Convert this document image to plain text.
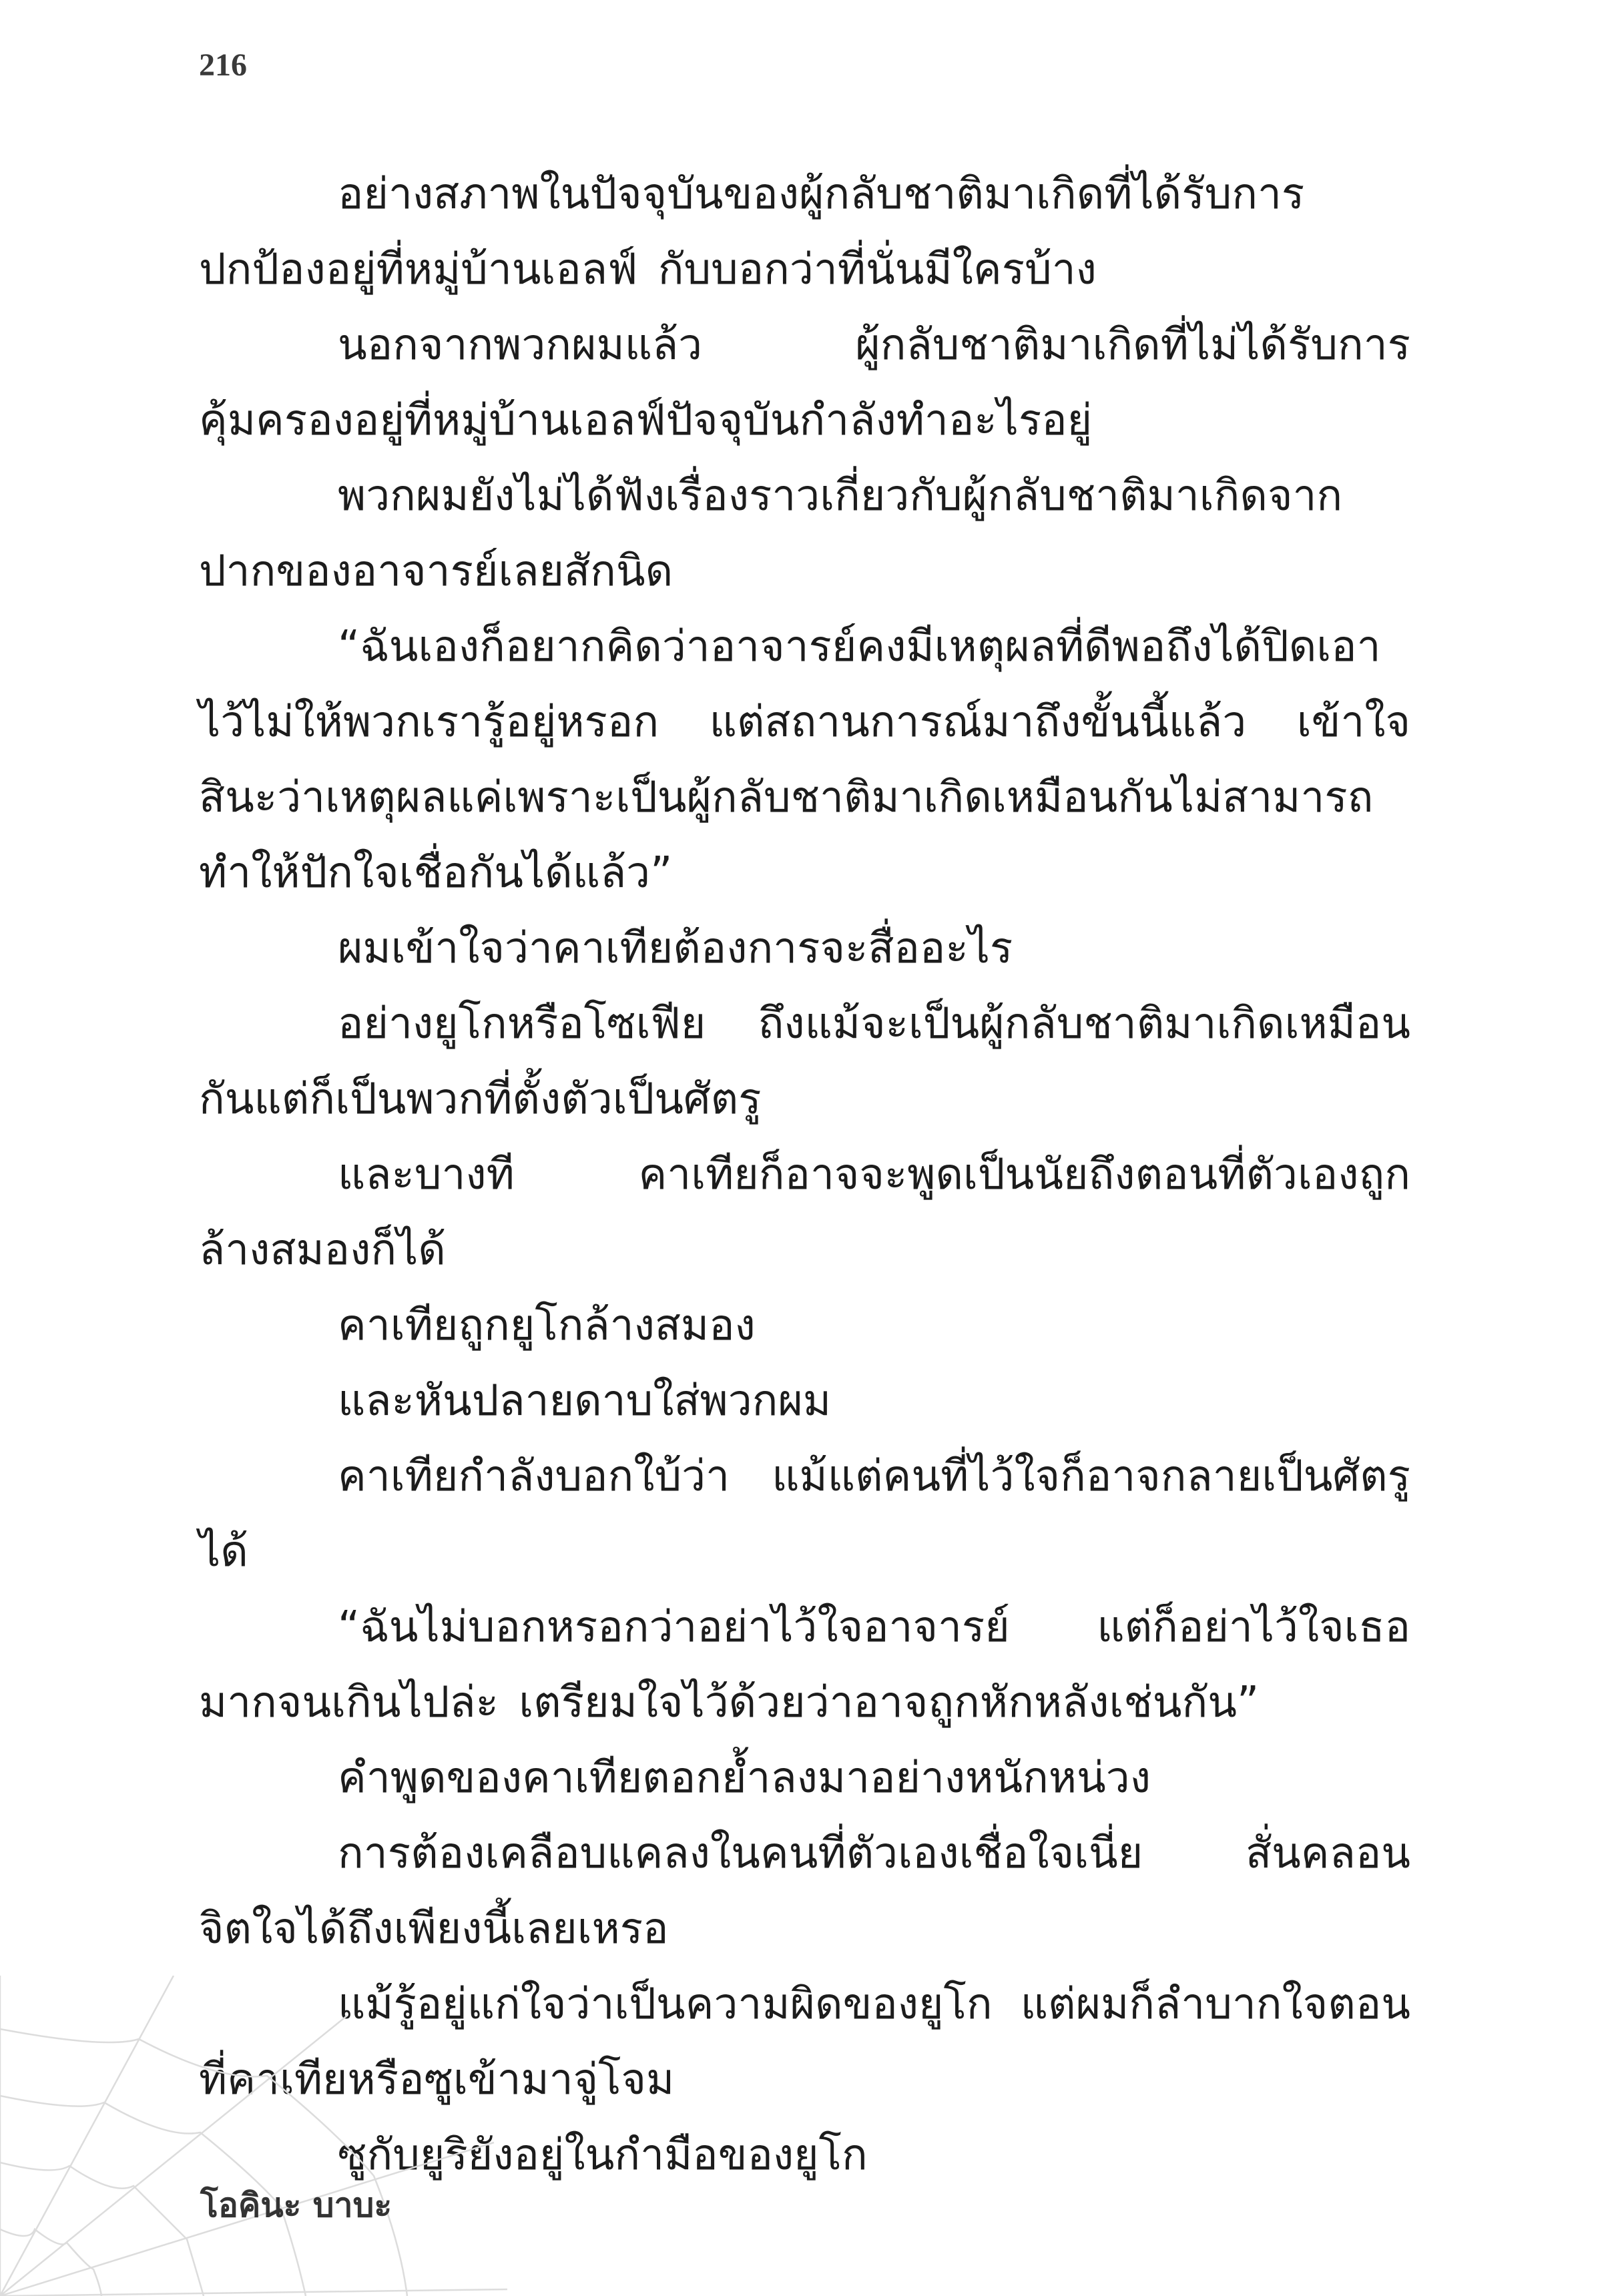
216

อย่างสภาพในปัจจุบันของผู้กลับชาติมาเกิดที่ได้รับการปกป้องอยู่ที่หมู่บ้านเอลฟ์ กับบอกว่าที่นั่นมีใครบ้าง

นอกจากพวกผมแล้ว ผู้กลับชาติมาเกิดที่ไม่ได้รับการคุ้มครองอยู่ที่หมู่บ้านเอลฟ์ปัจจุบันกำลังทำอะไรอยู่

พวกผมยังไม่ได้ฟังเรื่องราวเกี่ยวกับผู้กลับชาติมาเกิดจากปากของอาจารย์เลยสักนิด

“ฉันเองก็อยากคิดว่าอาจารย์คงมีเหตุผลที่ดีพอถึงได้ปิดเอาไว้ไม่ให้พวกเรารู้อยู่หรอก แต่สถานการณ์มาถึงขั้นนี้แล้ว เข้าใจสินะว่าเหตุผลแค่เพราะเป็นผู้กลับชาติมาเกิดเหมือนกันไม่สามารถทำให้ปักใจเชื่อกันได้แล้ว”

ผมเข้าใจว่าคาเทียต้องการจะสื่ออะไร

อย่างยูโกหรือโซเฟีย ถึงแม้จะเป็นผู้กลับชาติมาเกิดเหมือนกันแต่ก็เป็นพวกที่ตั้งตัวเป็นศัตรู

และบางที คาเทียก็อาจจะพูดเป็นนัยถึงตอนที่ตัวเองถูกล้างสมองก็ได้

คาเทียถูกยูโกล้างสมอง

และหันปลายดาบใส่พวกผม

คาเทียกำลังบอกใบ้ว่า แม้แต่คนที่ไว้ใจก็อาจกลายเป็นศัตรูได้

“ฉันไม่บอกหรอกว่าอย่าไว้ใจอาจารย์ แต่ก็อย่าไว้ใจเธอมากจนเกินไปล่ะ เตรียมใจไว้ด้วยว่าอาจถูกหักหลังเช่นกัน”

คำพูดของคาเทียตอกย้ำลงมาอย่างหนักหน่วง

การต้องเคลือบแคลงในคนที่ตัวเองเชื่อใจเนี่ย สั่นคลอนจิตใจได้ถึงเพียงนี้เลยเหรอ

แม้รู้อยู่แก่ใจว่าเป็นความผิดของยูโก แต่ผมก็ลำบากใจตอนที่คาเทียหรือซูเข้ามาจู่โจม

ซูกับยูริยังอยู่ในกำมือของยูโก

โอคินะ บาบะ
